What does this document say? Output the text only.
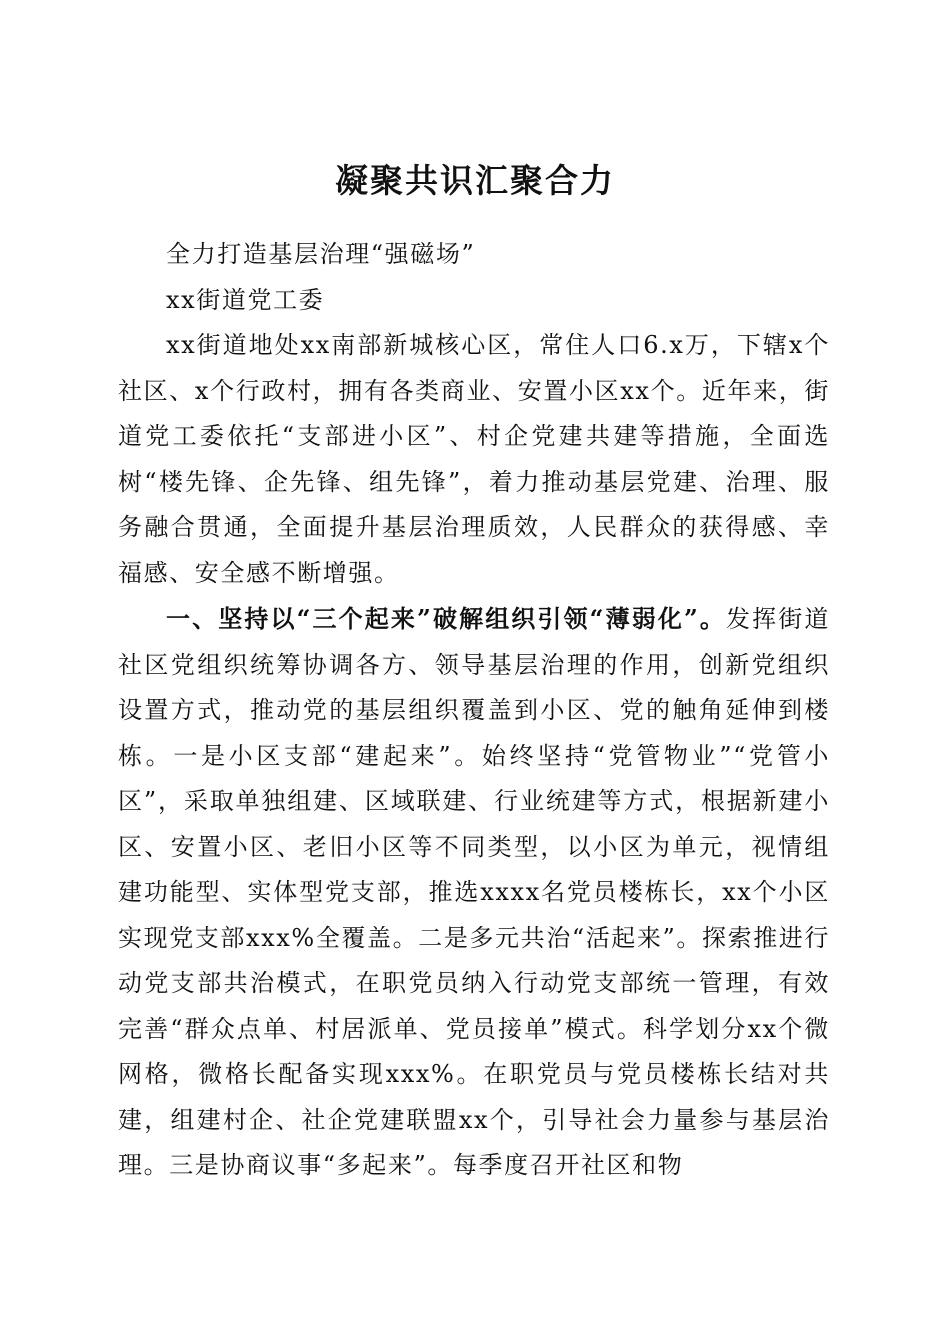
凝聚共识汇聚合力

全力打造基层治理“强磁场”

xx街道党工委

xx街道地处xx南部新城核心区，常住人口6.x万，下辖x个社区、x个行政村，拥有各类商业、安置小区xx个。近年来，街道党工委依托“支部进小区”、村企党建共建等措施，全面选树“楼先锋、企先锋、组先锋”，着力推动基层党建、治理、服务融合贯通，全面提升基层治理质效，人民群众的获得感、幸福感、安全感不断增强。

一、坚持以“三个起来”破解组织引领“薄弱化”。发挥街道社区党组织统筹协调各方、领导基层治理的作用，创新党组织设置方式，推动党的基层组织覆盖到小区、党的触角延伸到楼栋。一是小区支部“建起来”。始终坚持“党管物业”“党管小区”，采取单独组建、区域联建、行业统建等方式，根据新建小区、安置小区、老旧小区等不同类型，以小区为单元，视情组建功能型、实体型党支部，推选xxxx名党员楼栋长，xx个小区实现党支部xxx%全覆盖。二是多元共治“活起来”。探索推进行动党支部共治模式，在职党员纳入行动党支部统一管理，有效完善“群众点单、村居派单、党员接单”模式。科学划分xx个微网格，微格长配备实现xxx%。在职党员与党员楼栋长结对共建，组建村企、社企党建联盟xx个，引导社会力量参与基层治理。三是协商议事“多起来”。每季度召开社区和物
